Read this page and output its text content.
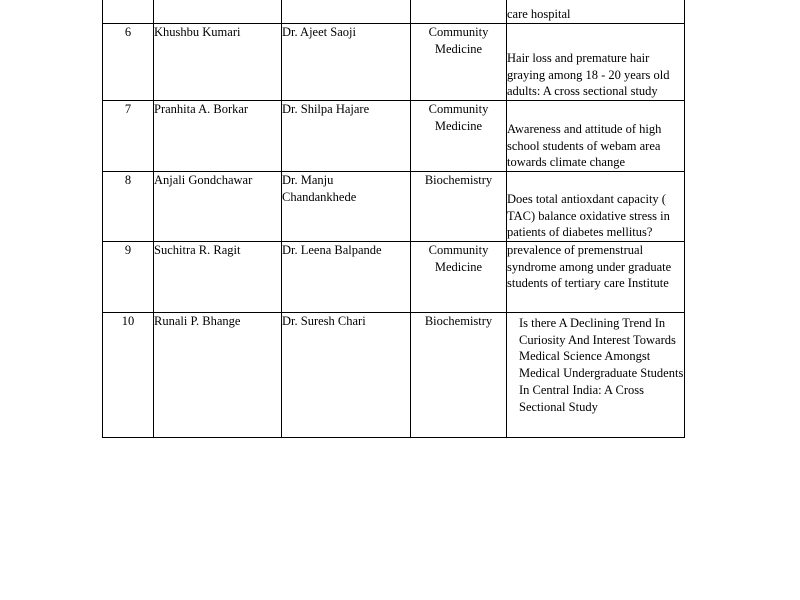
				care hospital
6	Khushbu Kumari	Dr. Ajeet Saoji	Community Medicine	Hair loss and premature hair graying among 18 - 20 years old adults: A cross sectional study
7	Pranhita A. Borkar	Dr. Shilpa Hajare	Community Medicine	Awareness and attitude of high school students of webam area towards climate change
8	Anjali Gondchawar	Dr. Manju Chandankhede	Biochemistry	Does total antioxdant capacity ( TAC) balance oxidative stress in patients of diabetes mellitus?
9	Suchitra R. Ragit	Dr. Leena Balpande	Community Medicine	prevalence of premenstrual syndrome among under graduate students of tertiary care Institute
10	Runali P. Bhange	Dr. Suresh Chari	Biochemistry	Is there A Declining Trend In Curiosity And Interest Towards Medical Science Amongst Medical Undergraduate Students In Central India: A Cross Sectional Study
